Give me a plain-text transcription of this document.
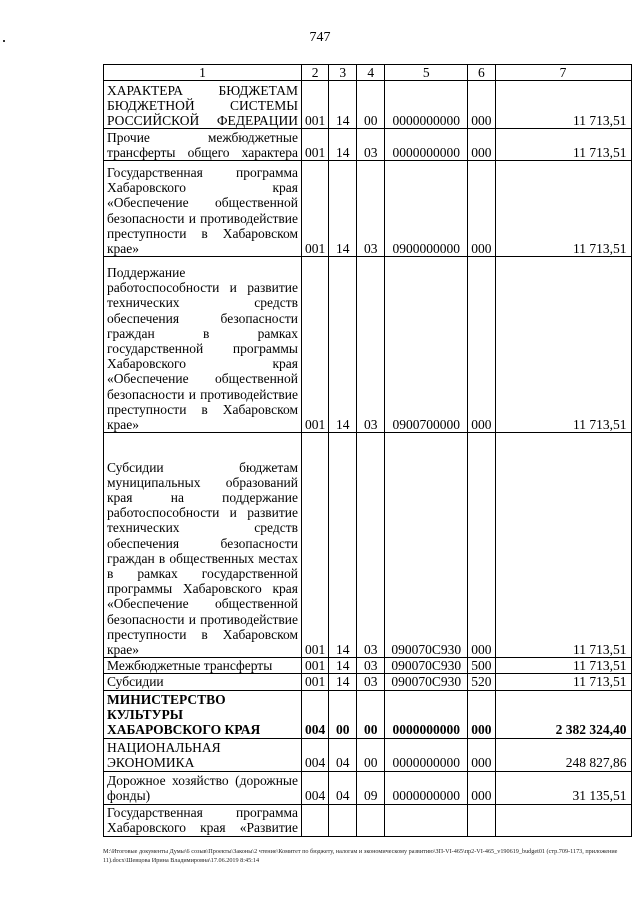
747
1	2	3	4	5	6	7
ХАРАКТЕРА БЮДЖЕТАМ БЮДЖЕТНОЙ СИСТЕМЫ РОССИЙСКОЙ ФЕДЕРАЦИИ	001	14	00	0000000000	000	11 713,51
Прочие межбюджетные трансферты общего характера	001	14	03	0000000000	000	11 713,51
Государственная программа Хабаровского края «Обеспечение общественной безопасности и противодействие преступности в Хабаровском крае»	001	14	03	0900000000	000	11 713,51
Поддержание работоспособности и развитие технических средств обеспечения безопасности граждан в рамках государственной программы Хабаровского края «Обеспечение общественной безопасности и противодействие преступности в Хабаровском крае»	001	14	03	0900700000	000	11 713,51
Субсидии бюджетам муниципальных образований края на поддержание работоспособности и развитие технических средств обеспечения безопасности граждан в общественных местах в рамках государственной программы Хабаровского края «Обеспечение общественной безопасности и противодействие преступности в Хабаровском крае»	001	14	03	090070С930	000	11 713,51
Межбюджетные трансферты	001	14	03	090070С930	500	11 713,51
Субсидии	001	14	03	090070С930	520	11 713,51
МИНИСТЕРСТВО КУЛЬТУРЫ ХАБАРОВСКОГО КРАЯ	004	00	00	0000000000	000	2 382 324,40
НАЦИОНАЛЬНАЯ ЭКОНОМИКА	004	04	00	0000000000	000	248 827,86
Дорожное хозяйство (дорожные фонды)	004	04	09	0000000000	000	31 135,51
Государственная программа Хабаровского края «Развитие						
M:\Итоговые документы Думы\6 созыв\Проекты\Законы\2 чтение\Комитет по бюджету, налогам и экономическому развитию\ЗП-VI-465\пр2-VI-465_v190619_budget01 (стр.709-1173, приложение 11).docx\Шевцова Ирина Владимировна\17.06.2019 8:45:14
